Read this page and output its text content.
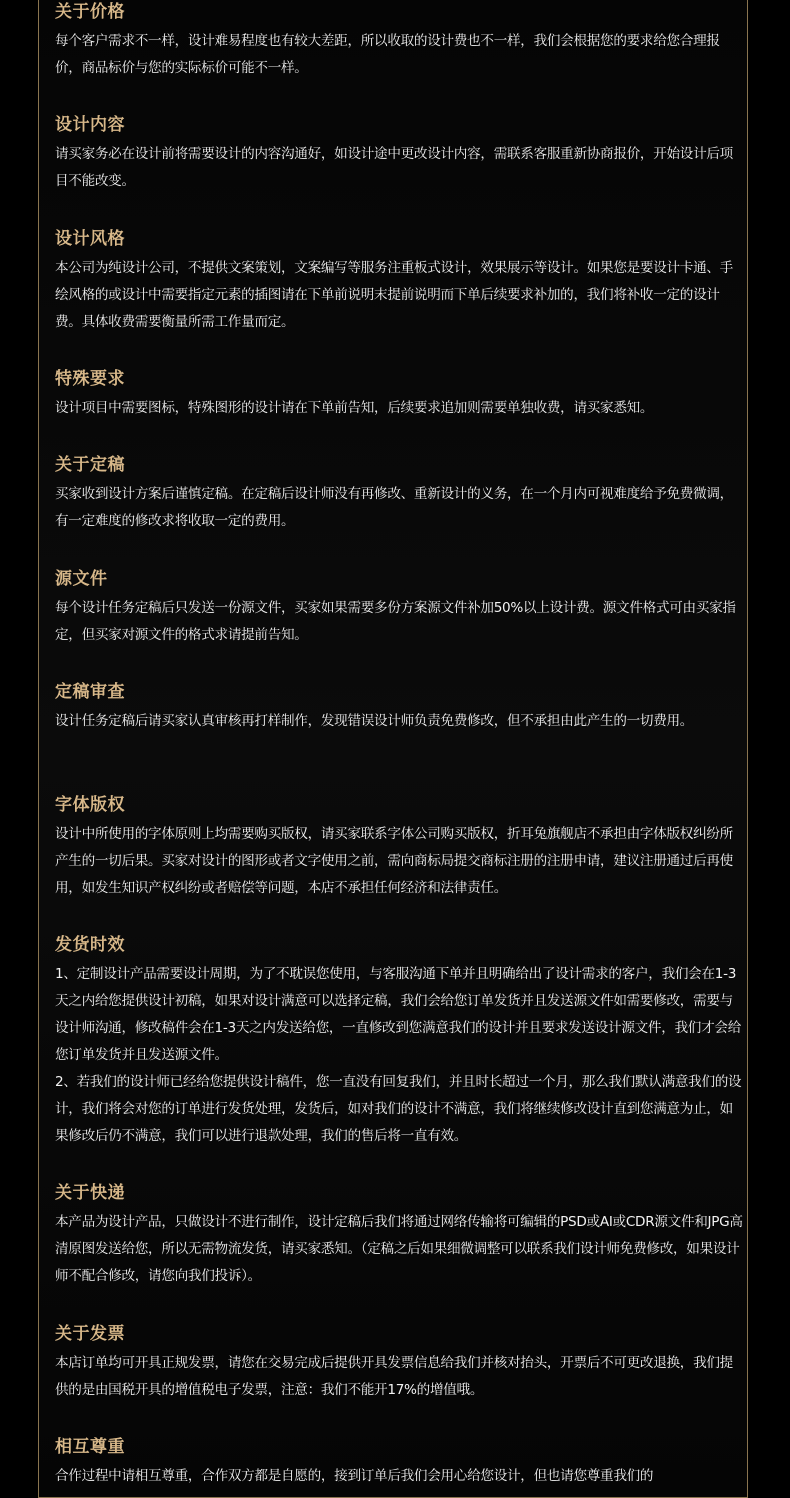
关于价格
每个客户需求不一样，设计难易程度也有较大差距，所以收取的设计费也不一样，我们会根据您的要求给您合理报价，商品标价与您的实际标价可能不一样。
设计内容
请买家务必在设计前将需要设计的内容沟通好，如设计途中更改设计内容，需联系客服重新协商报价，开始设计后项目不能改变。
设计风格
本公司为纯设计公司，不提供文案策划，文案编写等服务注重板式设计，效果展示等设计。如果您是要设计卡通、手绘风格的或设计中需要指定元素的插图请在下单前说明末提前说明而下单后续要求补加的，我们将补收一定的设计费。具体收费需要衡量所需工作量而定。
特殊要求
设计项目中需要图标，特殊图形的设计请在下单前告知，后续要求追加则需要单独收费，请买家悉知。
关于定稿
买家收到设计方案后谨慎定稿。在定稿后设计师没有再修改、重新设计的义务，在一个月内可视难度给予免费微调，有一定难度的修改求将收取一定的费用。
源文件
每个设计任务定稿后只发送一份源文件，买家如果需要多份方案源文件补加50%以上设计费。源文件格式可由买家指定，但买家对源文件的格式求请提前告知。
定稿审查
设计任务定稿后请买家认真审核再打样制作，发现错误设计师负责免费修改，但不承担由此产生的一切费用。
字体版权
设计中所使用的字体原则上均需要购买版权，请买家联系字体公司购买版权，折耳兔旗舰店不承担由字体版权纠纷所产生的一切后果。买家对设计的图形或者文字使用之前，需向商标局提交商标注册的注册申请，建议注册通过后再使用，如发生知识产权纠纷或者赔偿等问题，本店不承担任何经济和法律责任。
发货时效
1、定制设计产品需要设计周期，为了不耽误您使用，与客服沟通下单并且明确给出了设计需求的客户，我们会在1-3天之内给您提供设计初稿，如果对设计满意可以选择定稿，我们会给您订单发货并且发送源文件如需要修改，需要与设计师沟通，修改稿件会在1-3天之内发送给您，一直修改到您满意我们的设计并且要求发送设计源文件，我们才会给您订单发货并且发送源文件。
2、若我们的设计师已经给您提供设计稿件，您一直没有回复我们，并且时长超过一个月，那么我们默认满意我们的设计，我们将会对您的订单进行发货处理，发货后，如对我们的设计不满意，我们将继续修改设计直到您满意为止，如果修改后仍不满意，我们可以进行退款处理，我们的售后将一直有效。
关于快递
本产品为设计产品，只做设计不进行制作，设计定稿后我们将通过网络传输将可编辑的PSD或AI或CDR源文件和JPG高清原图发送给您，所以无需物流发货，请买家悉知。（定稿之后如果细微调整可以联系我们设计师免费修改，如果设计师不配合修改，请您向我们投诉）。
关于发票
本店订单均可开具正规发票，请您在交易完成后提供开具发票信息给我们并核对抬头，开票后不可更改退换，我们提供的是由国税开具的增值税电子发票，注意：我们不能开17%的增值哦。
相互尊重
合作过程中请相互尊重，合作双方都是自愿的，接到订单后我们会用心给您设计，但也请您尊重我们的
